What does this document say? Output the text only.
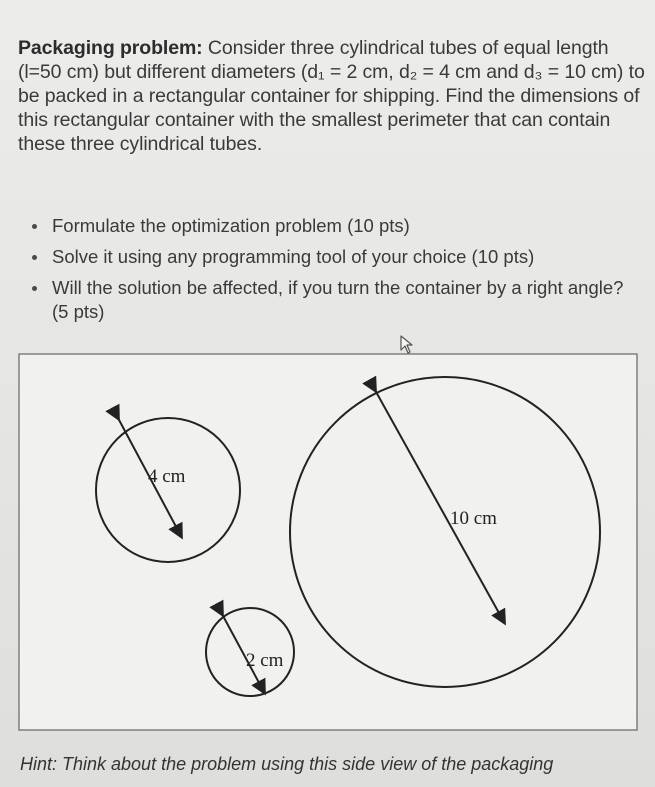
Packaging problem: Consider three cylindrical tubes of equal length (l=50 cm) but different diameters (d₁ = 2 cm, d₂ = 4 cm and d₃ = 10 cm) to be packed in a rectangular container for shipping. Find the dimensions of this rectangular container with the smallest perimeter that can contain these three cylindrical tubes.
Formulate the optimization problem (10 pts)
Solve it using any programming tool of your choice (10 pts)
Will the solution be affected, if you turn the container by a right angle? (5 pts)
4 cm
10 cm
2 cm
Hint: Think about the problem using this side view of the packaging
